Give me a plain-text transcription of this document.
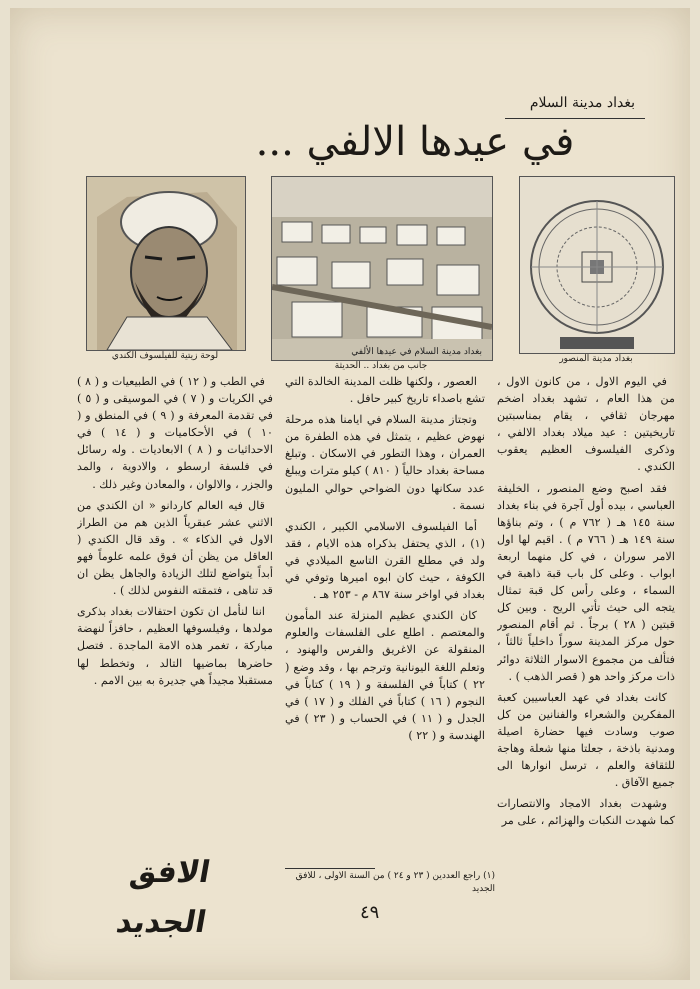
بغداد مدينة السلام
في عيدها الالفي ...
لوحة زيتية للفيلسوف الكندي	بغداد مدينة السلام في عيدها الألفي
جانب من بغداد .. الحديثة
بغداد مدينة المنصور

في اليوم الاول ، من كانون الاول ، من هذا العام ، تشهد بغداد اضخم مهرجان ثقافي ، يقام بمناسبتين تاريخيتين : عيد ميلاد بغداد الالفي ، وذكرى الفيلسوف العظيم يعقوب الكندي .

فقد اصبح وضع المنصور ، الخليفة العباسي ، بيده أول آجرة في بناء بغداد سنة ١٤٥ هـ ( ٧٦٢ م ) ، وتم بناؤها سنة ١٤٩ هـ ( ٧٦٦ م ) . اقيم لها اول الامر سوران ، في كل منهما اربعة ابواب . وعلى كل باب قبة ذاهبة في السماء ، وعلى رأس كل قبة تمثال يتجه الى حيث تأتي الريح . وبين كل قبتين ( ٢٨ ) برجاً . ثم أقام المنصور حول مركز المدينة سوراً داخلياً ثالثاً ، فتألف من مجموع الاسوار الثلاثة دوائر ذات مركز واحد هو ( قصر الذهب ) .

كانت بغداد في عهد العباسيين كعبة المفكرين والشعراء والفنانين من كل صوب وسادت فيها حضارة اصيلة ومدنية باذخة ، جعلتا منها شعلة وهاجة للثقافة والعلم ، ترسل انوارها الى جميع الآفاق .

وشهدت بغداد الامجاد والانتصارات كما شهدت النكبات والهزائم ، على مر

العصور ، ولكنها ظلت المدينة الخالدة التي تشع باصداء تاريخ كبير حافل .

وتجتاز مدينة السلام في ايامنا هذه مرحلة نهوض عظيم ، يتمثل في هذه الطفرة من العمران ، وهذا التطور في الاسكان . وتبلغ مساحة بغداد حالياً ( ٨١٠ ) كيلو مترات ويبلغ عدد سكانها دون الضواحي حوالي المليون نسمة .

أما الفيلسوف الاسلامي الكبير ، الكندي (١) ، الذي يحتفل بذكراه هذه الايام ، فقد ولد في مطلع القرن التاسع الميلادي في الكوفة ، حيث كان ابوه اميرها وتوفي في بغداد في اواخر سنة ٨٦٧ م - ٢٥٣ هـ .

كان الكندي عظيم المنزلة عند المأمون والمعتصم . اطلع على الفلسفات والعلوم المنقولة عن الاغريق والفرس والهنود ، وتعلم اللغة اليونانية وترجم بها ، وقد وضع ( ٢٢ ) كتاباً في الفلسفة و ( ١٩ ) كتاباً في النجوم ( ١٦ ) كتاباً في الفلك و ( ١٧ ) في الجدل و ( ١١ ) في الحساب و ( ٢٣ ) في الهندسة و ( ٢٢ )

في الطب و ( ١٢ ) في الطبيعيات و ( ٨ ) في الكريات و ( ٧ ) في الموسيقى و ( ٥ ) في تقدمة المعرفة و ( ٩ ) في المنطق و ( ١٠ ) في الأحكاميات و ( ١٤ ) في الاحداثيات و ( ٨ ) الابعاديات . وله رسائل في فلسفة ارسطو ، والادوية ، والمد والجزر ، والالوان ، والمعادن وغير ذلك .

قال فيه العالم كاردانو « ان الكندي من الاثني عشر عبقرياً الذين هم من الطراز الاول في الذكاء » . وقد قال الكندي ( العاقل من يظن أن فوق علمه علوماً فهو أبداً يتواضع لتلك الزيادة والجاهل يظن ان قد تناهى ، فتمقته النفوس لذلك ) .

اننا لنأمل ان تكون احتفالات بغداد بذكرى مولدها ، وفيلسوفها العظيم ، حافزاً لنهضة مباركة ، تغمر هذه الامة الماجدة . فتصل حاضرها بماضيها التالد ، وتخطط لها مستقبلا مجيداً هي جديرة به بين الامم .

(١) راجع العددين ( ٢٣ و ٢٤ ) من السنة الاولى ، للافق الجديد
الافق الجديد	٤٩
